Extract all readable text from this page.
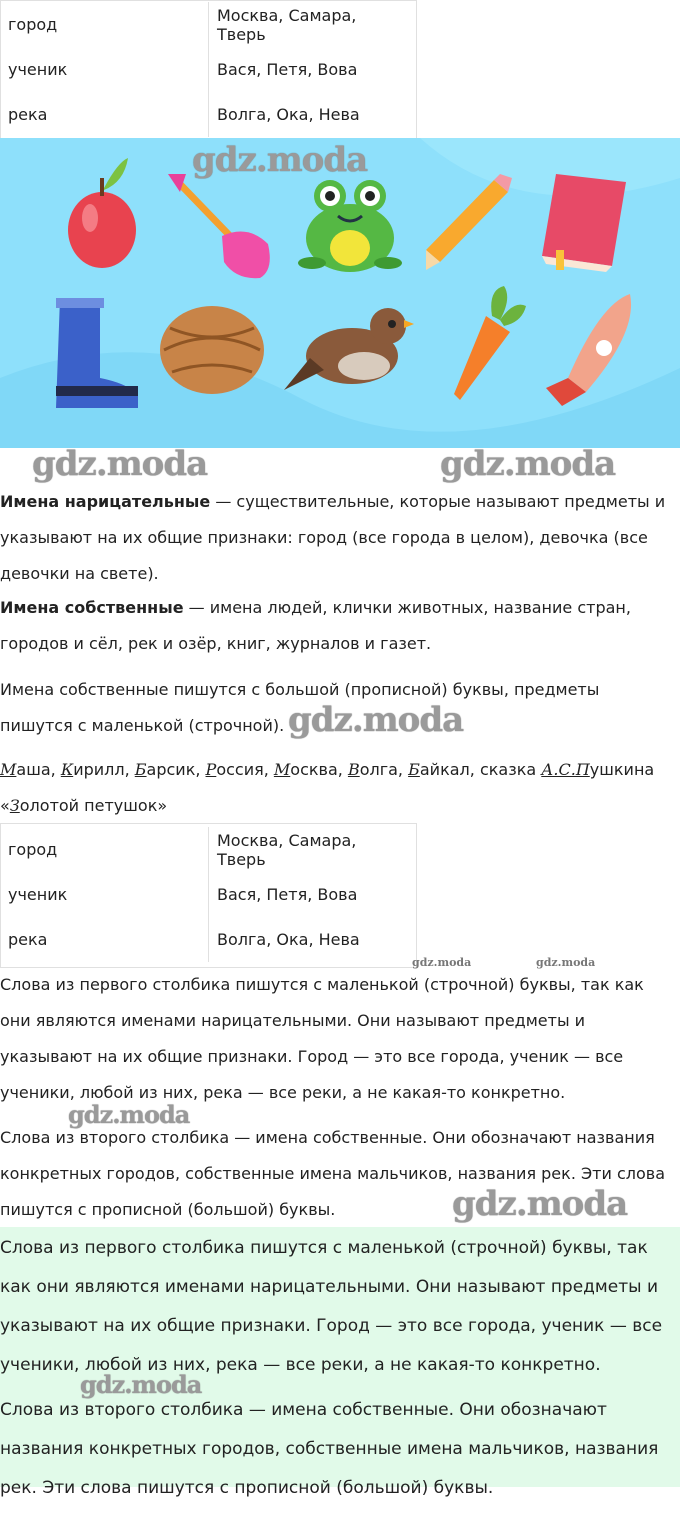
город	Москва, Самара, Тверь
ученик	Вася, Петя, Вова
река	Волга, Ока, Нева
gdz.moda
gdz.moda	gdz.moda
Имена нарицательные — существительные, которые называют предметы и указывают на их общие признаки: город (все города в целом), девочка (все девочки на свете).
Имена собственные — имена людей, клички животных, название стран, городов и сёл, рек и озёр, книг, журналов и газет.
Имена собственные пишутся с большой (прописной) буквы, предметы пишутся с маленькой (строчной). gdz.moda
Маша, Кирилл, Барсик, Россия, Москва, Волга, Байкал, сказка А.С.Пушкина «Золотой петушок»
город	Москва, Самара, Тверь
ученик	Вася, Петя, Вова
река	Волга, Ока, Нева
gdz.moda	gdz.moda
Слова из первого столбика пишутся с маленькой (строчной) буквы, так как они являются именами нарицательными. Они называют предметы и указывают на их общие признаки. Город — это все города, ученик — все ученики, любой из них, река — все реки, а не какая-то конкретно.
gdz.moda
Слова из второго столбика — имена собственные. Они обозначают названия конкретных городов, собственные имена мальчиков, названия рек. Эти слова пишутся с прописной (большой) буквы.	gdz.moda
Слова из первого столбика пишутся с маленькой (строчной) буквы, так как они являются именами нарицательными. Они называют предметы и указывают на их общие признаки. Город — это все города, ученик — все ученики, любой из них, река — все реки, а не какая-то конкретно.
Слова из второго столбика — имена собственные. Они обозначают названия конкретных городов, собственные имена мальчиков, названия рек. Эти слова пишутся с прописной (большой) буквы.
gdz.moda
